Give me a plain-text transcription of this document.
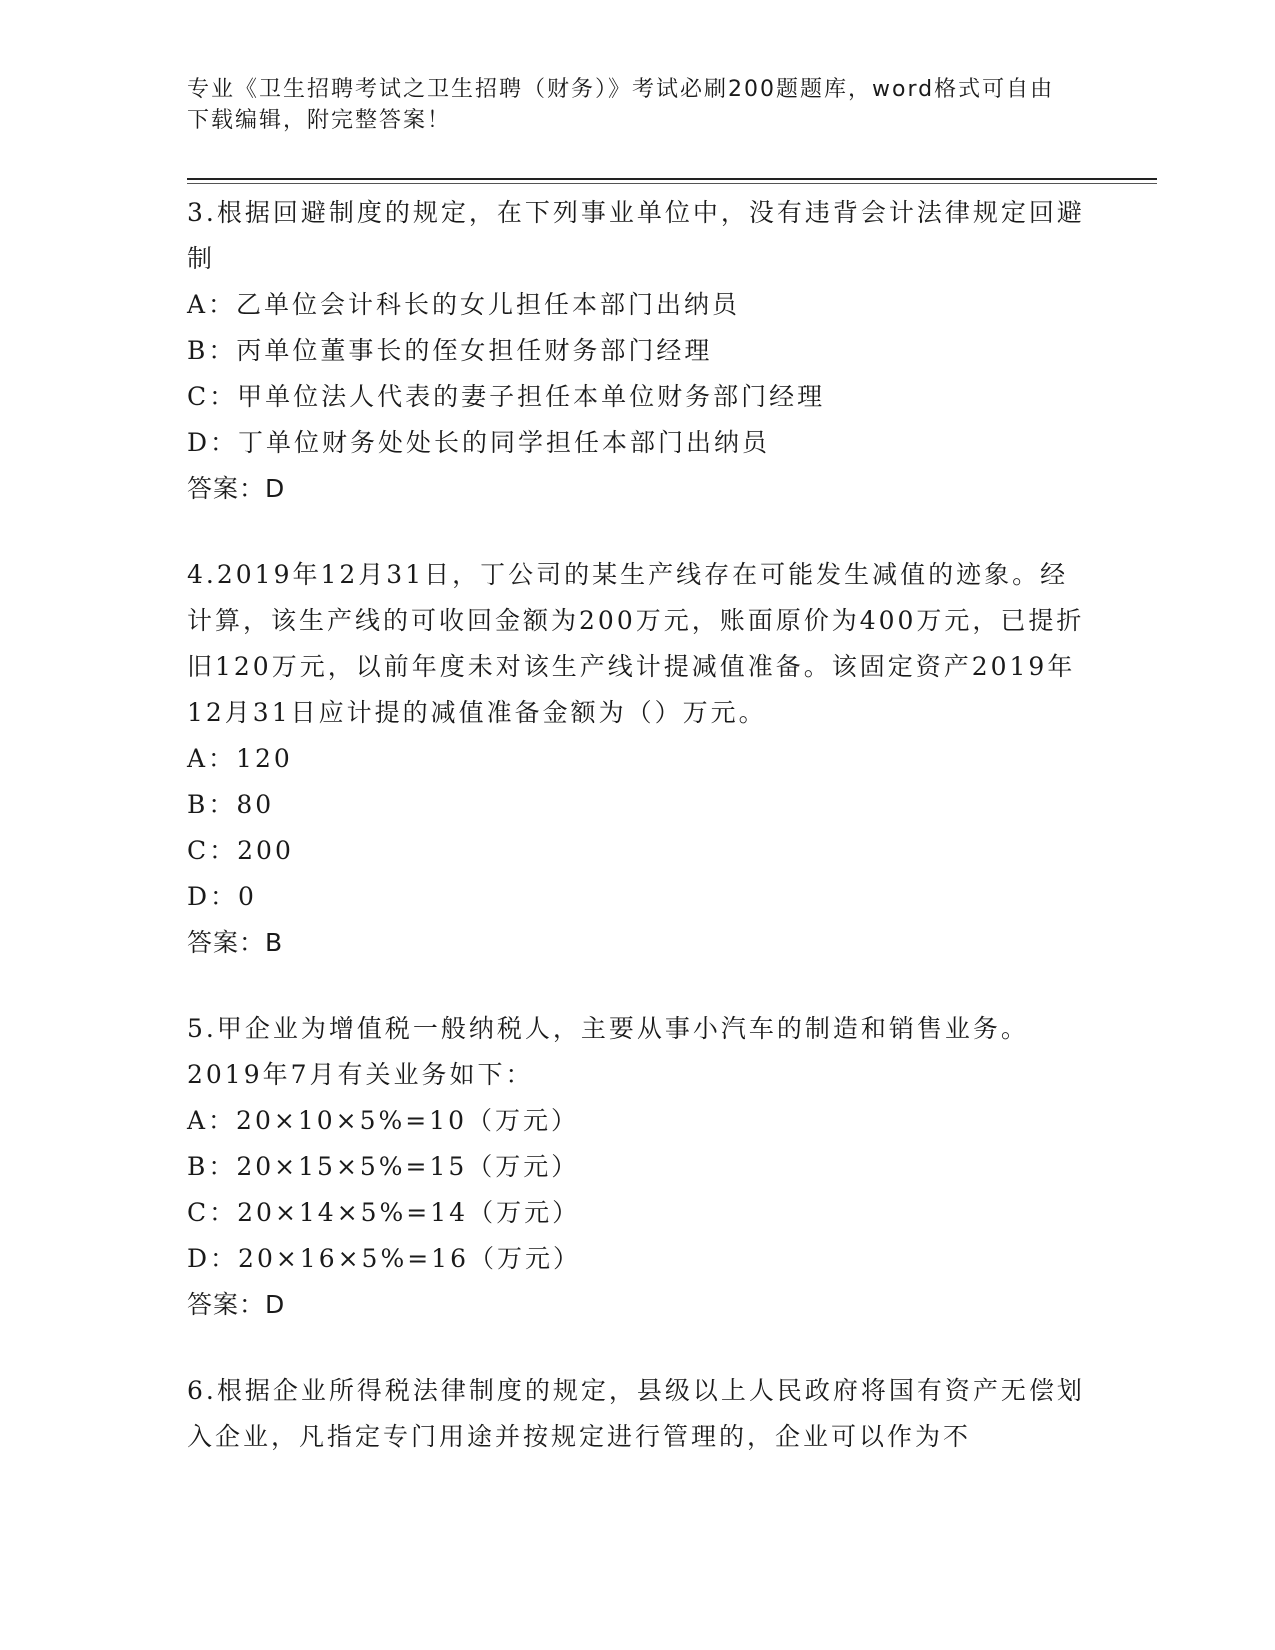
专业《卫生招聘考试之卫生招聘（财务）》考试必刷200题题库，word格式可自由下载编辑，附完整答案！
3.根据回避制度的规定，在下列事业单位中，没有违背会计法律规定回避制
A：乙单位会计科长的女儿担任本部门出纳员
B：丙单位董事长的侄女担任财务部门经理
C：甲单位法人代表的妻子担任本单位财务部门经理
D：丁单位财务处处长的同学担任本部门出纳员
答案：D
4.2019年12月31日，丁公司的某生产线存在可能发生减值的迹象。经计算，该生产线的可收回金额为200万元，账面原价为400万元，已提折旧120万元，以前年度未对该生产线计提减值准备。该固定资产2019年12月31日应计提的减值准备金额为（）万元。
A：120
B：80
C：200
D：0
答案：B
5.甲企业为增值税一般纳税人，主要从事小汽车的制造和销售业务。2019年7月有关业务如下：
A：20×10×5%=10（万元）
B：20×15×5%=15（万元）
C：20×14×5%=14（万元）
D：20×16×5%=16（万元）
答案：D
6.根据企业所得税法律制度的规定，县级以上人民政府将国有资产无偿划入企业，凡指定专门用途并按规定进行管理的，企业可以作为不
